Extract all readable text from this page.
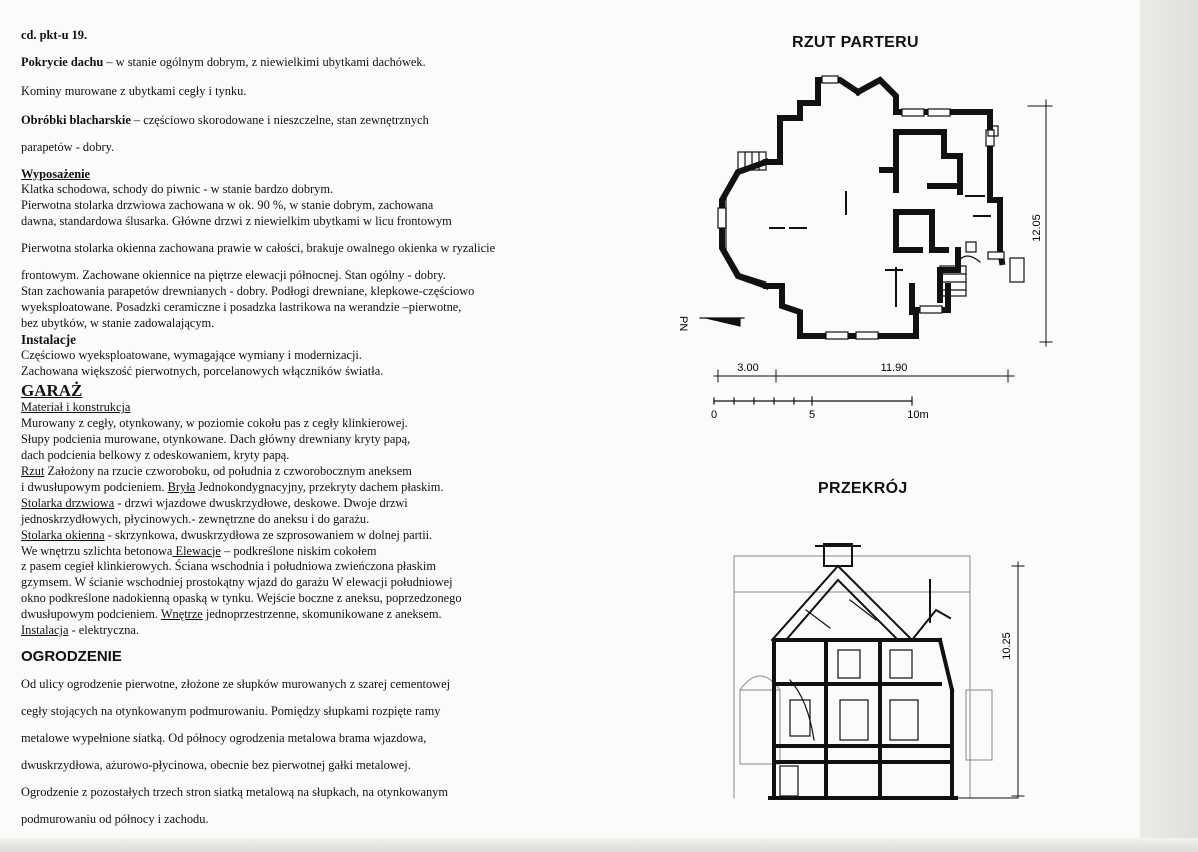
cd. pkt-u 19.

Pokrycie dachu – w stanie ogólnym dobrym, z niewielkimi ubytkami dachówek.

Kominy murowane z ubytkami cegły i tynku.

Obróbki blacharskie – częściowo skorodowane i nieszczelne, stan zewnętrznych

parapetów - dobry.

Wyposażenie

Klatka schodowa, schody do piwnic - w stanie bardzo dobrym.

Pierwotna stolarka drzwiowa zachowana w ok. 90 %, w stanie dobrym, zachowana

dawna, standardowa ślusarka. Główne drzwi z niewielkim ubytkami w licu frontowym

Pierwotna stolarka okienna zachowana prawie w całości, brakuje owalnego okienka w ryzalicie

frontowym. Zachowane okiennice na piętrze elewacji północnej. Stan ogólny - dobry.

Stan zachowania parapetów drewnianych - dobry. Podłogi drewniane, klepkowe-częściowo

wyeksploatowane. Posadzki ceramiczne i posadzka lastrikowa na werandzie –pierwotne,

bez ubytków, w stanie zadowalającym.

Instalacje

Częściowo wyeksploatowane, wymagające wymiany i modernizacji.

Zachowana większość pierwotnych, porcelanowych włączników światła.

GARAŻ

Materiał i konstrukcja

Murowany z cegły, otynkowany, w poziomie cokołu pas z cegły klinkierowej.

Słupy podcienia murowane, otynkowane. Dach główny drewniany kryty papą,

dach podcienia belkowy z odeskowaniem, kryty papą.

Rzut Założony na rzucie czworoboku, od południa z czworobocznym aneksem

i dwusłupowym podcieniem. Bryła Jednokondygnacyjny, przekryty dachem płaskim.

Stolarka drzwiowa - drzwi wjazdowe dwuskrzydłowe, deskowe. Dwoje drzwi

jednoskrzydłowych, płycinowych.- zewnętrzne do aneksu i do garażu.

Stolarka okienna - skrzynkowa, dwuskrzydłowa ze szprosowaniem w dolnej partii.

We wnętrzu szlichta betonowa Elewacje – podkreślone niskim cokołem

z pasem cegieł klinkierowych. Ściana wschodnia i południowa zwieńczona płaskim

gzymsem. W ścianie wschodniej prostokątny wjazd do garażu W elewacji południowej

okno podkreślone nadokienną opaską w tynku. Wejście boczne z aneksu, poprzedzonego

dwusłupowym podcieniem. Wnętrze jednoprzestrzenne, skomunikowane z aneksem.

Instalacja - elektryczna.

OGRODZENIE

Od ulicy ogrodzenie pierwotne, złożone ze słupków murowanych z szarej cementowej

cegły stojących na otynkowanym podmurowaniu. Pomiędzy słupkami rozpięte ramy

metalowe wypełnione siatką. Od północy ogrodzenia metalowa brama wjazdowa,

dwuskrzydłowa, ażurowo-płycinowa, obecnie bez pierwotnej gałki metalowej.

Ogrodzenie z pozostałych trzech stron siatką metalową na słupkach, na otynkowanym

podmurowaniu od północy i zachodu.

RZUT PARTERU
PRZEKRÓJ
PN
12.05
3.00	11.90
0	5	10m
10.25
